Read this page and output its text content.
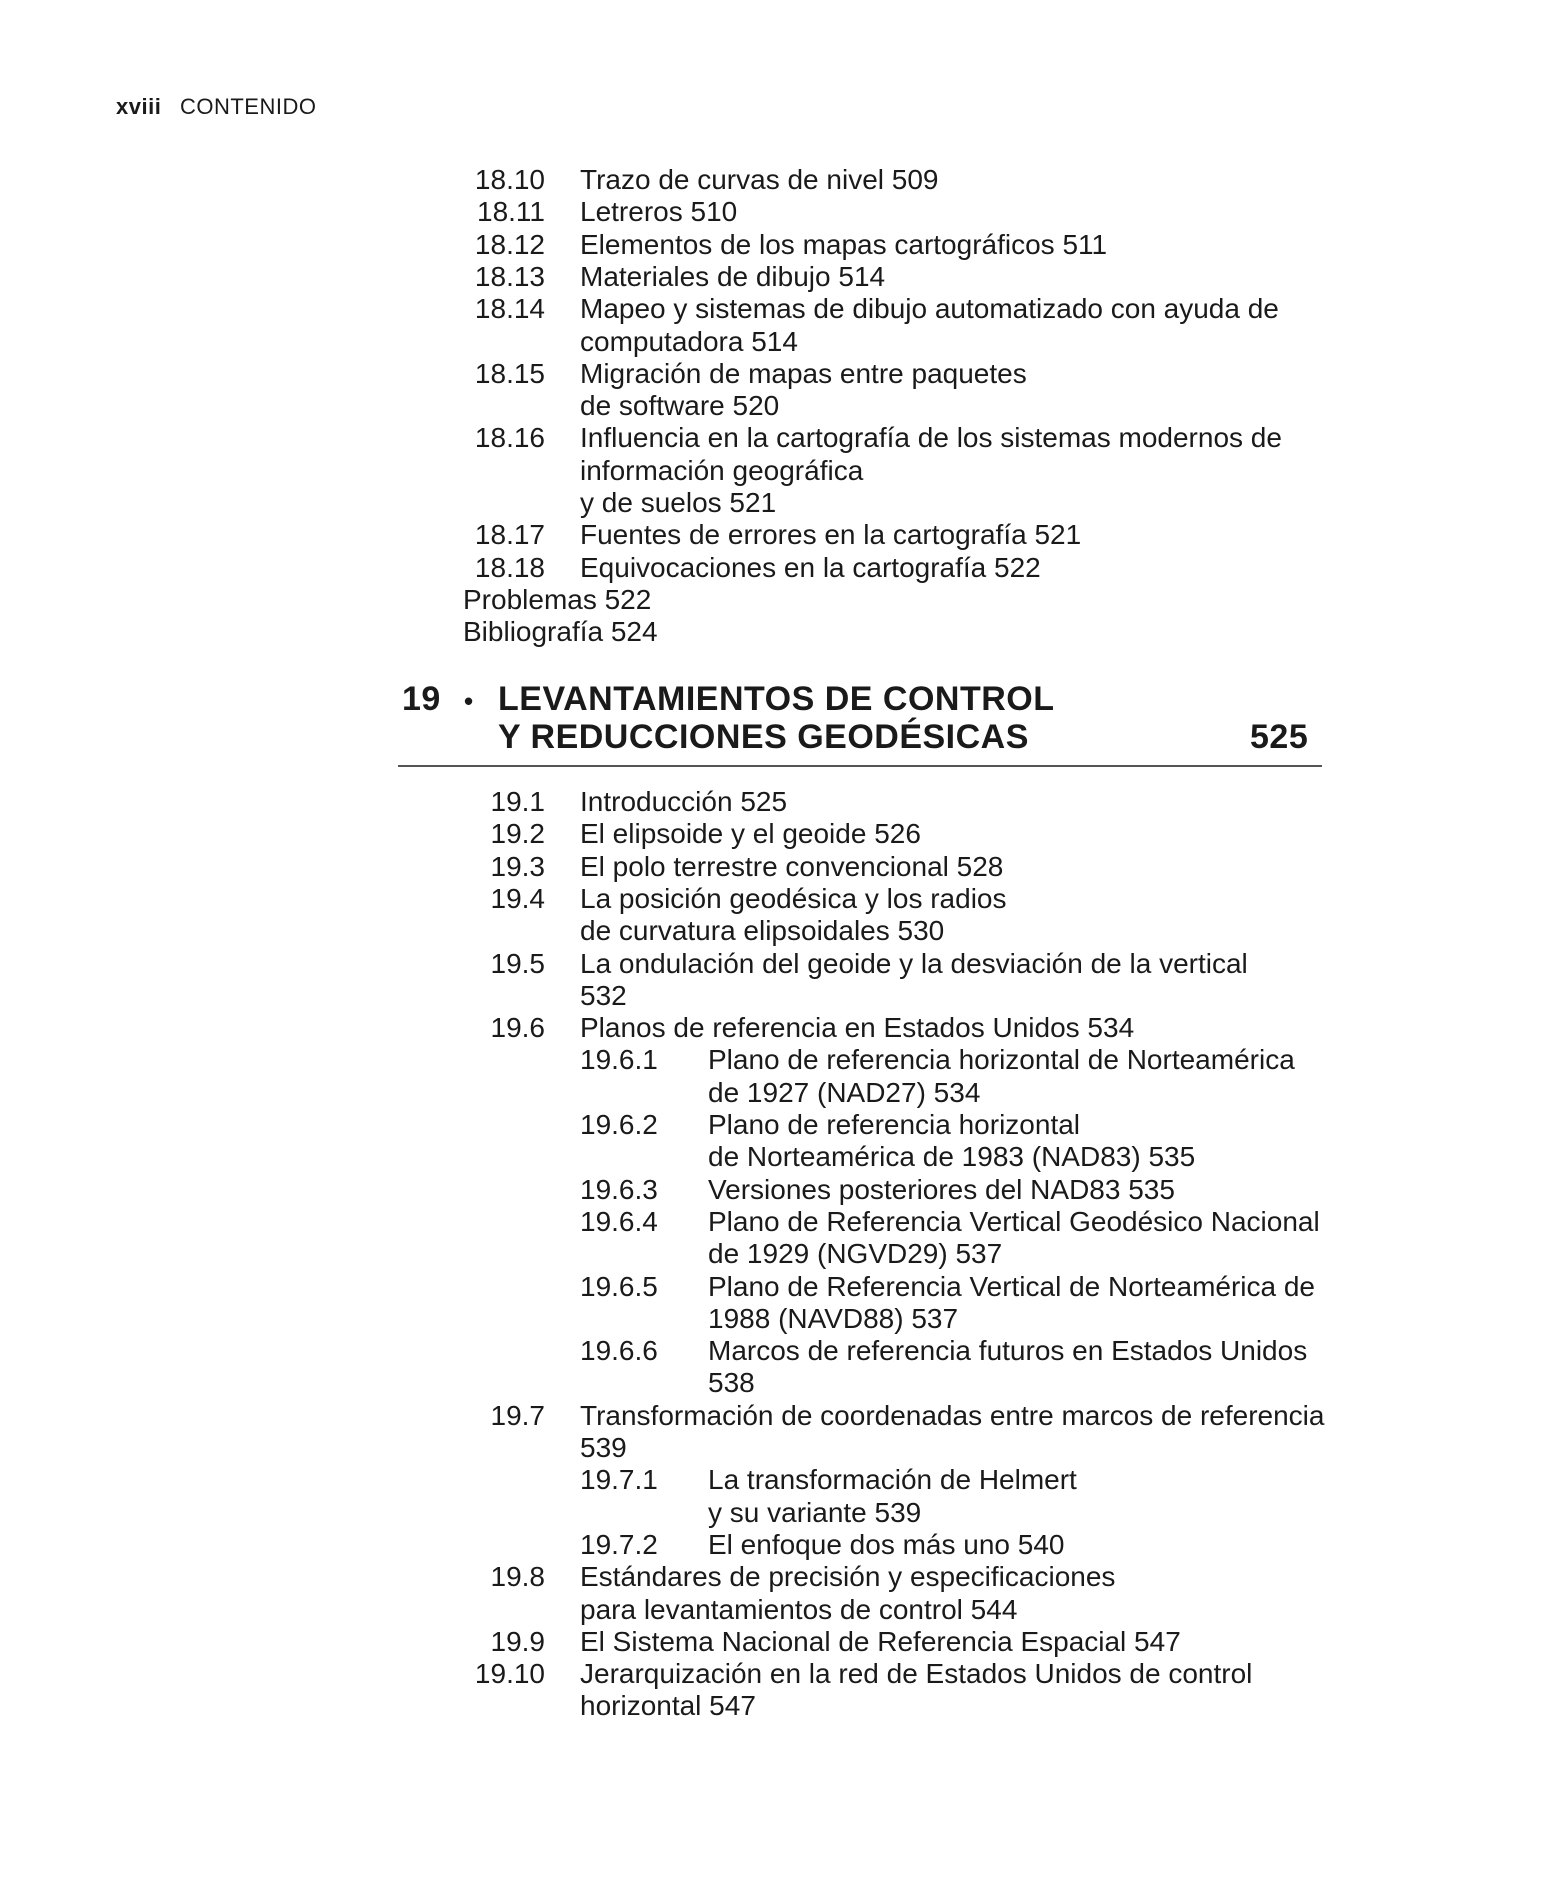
xviii CONTENIDO
18.10 Trazo de curvas de nivel 509
18.11 Letreros 510
18.12 Elementos de los mapas cartográficos 511
18.13 Materiales de dibujo 514
18.14 Mapeo y sistemas de dibujo automatizado con ayuda de
computadora 514
18.15 Migración de mapas entre paquetes
de software 520
18.16 Influencia en la cartografía de los sistemas modernos de
información geográfica
y de suelos 521
18.17 Fuentes de errores en la cartografía 521
18.18 Equivocaciones en la cartografía 522
Problemas 522
Bibliografía 524
19 • LEVANTAMIENTOS DE CONTROL
Y REDUCCIONES GEODÉSICAS	525
19.1 Introducción 525
19.2 El elipsoide y el geoide 526
19.3 El polo terrestre convencional 528
19.4 La posición geodésica y los radios
de curvatura elipsoidales 530
19.5 La ondulación del geoide y la desviación de la vertical
532
19.6 Planos de referencia en Estados Unidos 534
19.6.1 Plano de referencia horizontal de Norteamérica
de 1927 (NAD27) 534
19.6.2 Plano de referencia horizontal
de Norteamérica de 1983 (NAD83) 535
19.6.3 Versiones posteriores del NAD83 535
19.6.4 Plano de Referencia Vertical Geodésico Nacional
de 1929 (NGVD29) 537
19.6.5 Plano de Referencia Vertical de Norteamérica de
1988 (NAVD88) 537
19.6.6 Marcos de referencia futuros en Estados Unidos
538
19.7 Transformación de coordenadas entre marcos de referencia
539
19.7.1 La transformación de Helmert
y su variante 539
19.7.2 El enfoque dos más uno 540
19.8 Estándares de precisión y especificaciones
para levantamientos de control 544
19.9 El Sistema Nacional de Referencia Espacial 547
19.10 Jerarquización en la red de Estados Unidos de control
horizontal 547
